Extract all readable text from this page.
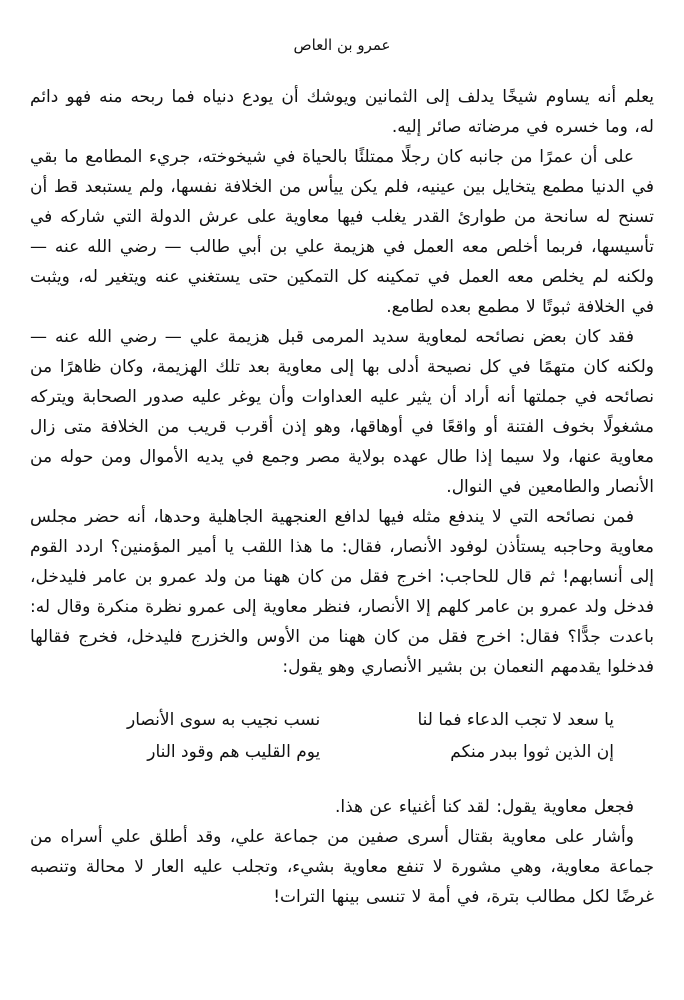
عمرو بن العاص

يعلم أنه يساوم شيخًا يدلف إلى الثمانين ويوشك أن يودع دنياه فما ربحه منه فهو دائم له، وما خسره في مرضاته صائر إليه.

على أن عمرًا من جانبه كان رجلًا ممتلئًا بالحياة في شيخوخته، جريء المطامع ما بقي في الدنيا مطمع يتخايل بين عينيه، فلم يكن ييأس من الخلافة نفسها، ولم يستبعد قط أن تسنح له سانحة من طوارئ القدر يغلب فيها معاوية على عرش الدولة التي شاركه في تأسيسها، فربما أخلص معه العمل في هزيمة علي بن أبي طالب — رضي الله عنه — ولكنه لم يخلص معه العمل في تمكينه كل التمكين حتى يستغني عنه ويتغير له، ويثبت في الخلافة ثبوتًا لا مطمع بعده لطامع.

فقد كان بعض نصائحه لمعاوية سديد المرمى قبل هزيمة علي — رضي الله عنه — ولكنه كان متهمًا في كل نصيحة أدلى بها إلى معاوية بعد تلك الهزيمة، وكان ظاهرًا من نصائحه في جملتها أنه أراد أن يثير عليه العداوات وأن يوغر عليه صدور الصحابة ويتركه مشغولًا بخوف الفتنة أو واقعًا في أوهاقها، وهو إذن أقرب قريب من الخلافة متى زال معاوية عنها، ولا سيما إذا طال عهده بولاية مصر وجمع في يديه الأموال ومن حوله من الأنصار والطامعين في النوال.

فمن نصائحه التي لا يندفع مثله فيها لدافع العنجهية الجاهلية وحدها، أنه حضر مجلس معاوية وحاجبه يستأذن لوفود الأنصار، فقال: ما هذا اللقب يا أمير المؤمنين؟ اردد القوم إلى أنسابهم! ثم قال للحاجب: اخرج فقل من كان ههنا من ولد عمرو بن عامر فليدخل، فدخل ولد عمرو بن عامر كلهم إلا الأنصار، فنظر معاوية إلى عمرو نظرة منكرة وقال له: باعدت جدًّا؟ فقال: اخرج فقل من كان ههنا من الأوس والخزرج فليدخل، فخرج فقالها فدخلوا يقدمهم النعمان بن بشير الأنصاري وهو يقول:

يا سعد لا تجب الدعاء فما لنا
نسب نجيب به سوى الأنصار
إن الذين ثووا ببدر منكم
يوم القليب هم وقود النار

فجعل معاوية يقول: لقد كنا أغنياء عن هذا.

وأشار على معاوية بقتال أسرى صفين من جماعة علي، وقد أطلق علي أسراه من جماعة معاوية، وهي مشورة لا تنفع معاوية بشيء، وتجلب عليه العار لا محالة وتنصبه غرضًا لكل مطالب بترة، في أمة لا تنسى بينها الترات!
